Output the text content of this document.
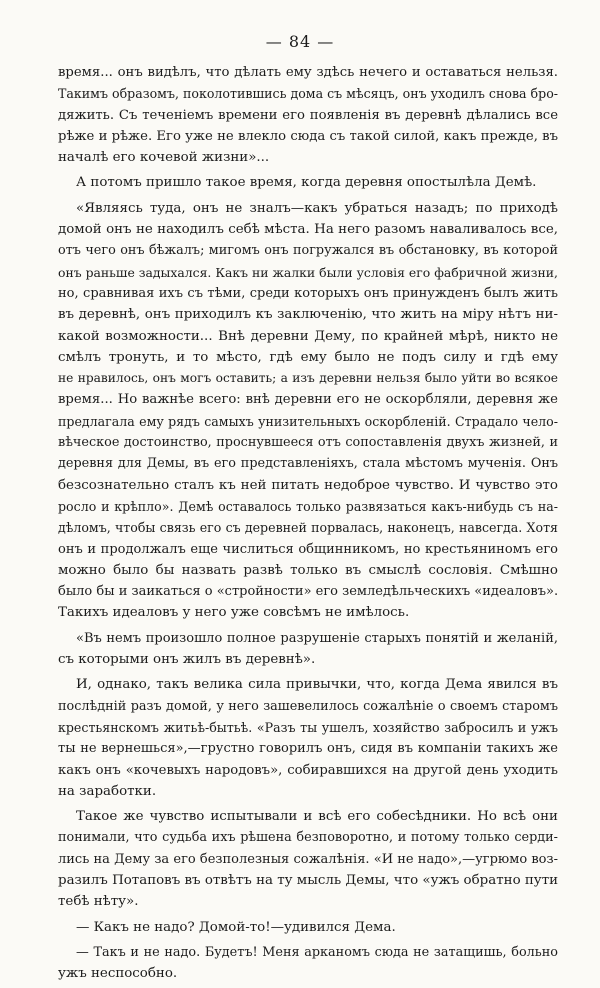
— 84 —
время... онъ видѣлъ, что дѣлать ему здѣсь нечего и оставаться нельзя.
Такимъ образомъ, поколотившись дома съ мѣсяцъ, онъ уходилъ снова бро-
дяжить. Съ теченіемъ времени его появленія въ деревнѣ дѣлались все
рѣже и рѣже. Его уже не влекло сюда съ такой силой, какъ прежде, въ
началѣ его кочевой жизни»...
А потомъ пришло такое время, когда деревня опостылѣла Демѣ.
«Являясь туда, онъ не зналъ—какъ убраться назадъ; по приходѣ
домой онъ не находилъ себѣ мѣста. На него разомъ наваливалось все,
отъ чего онъ бѣжалъ; мигомъ онъ погружался въ обстановку, въ которой
онъ раньше задыхался. Какъ ни жалки были условія его фабричной жизни,
но, сравнивая ихъ съ тѣми, среди которыхъ онъ принужденъ былъ жить
въ деревнѣ, онъ приходилъ къ заключенію, что жить на міру нѣтъ ни-
какой возможности... Внѣ деревни Дему, по крайней мѣрѣ, никто не
смѣлъ тронуть, и то мѣсто, гдѣ ему было не подъ силу и гдѣ ему
не нравилось, онъ могъ оставить; а изъ деревни нельзя было уйти во всякое
время... Но важнѣе всего: внѣ деревни его не оскорбляли, деревня же
предлагала ему рядъ самыхъ унизительныхъ оскорбленій. Страдало чело-
вѣческое достоинство, проснувшееся отъ сопоставленія двухъ жизней, и
деревня для Демы, въ его представленіяхъ, стала мѣстомъ мученія. Онъ
безсознательно сталъ къ ней питать недоброе чувство. И чувство это
росло и крѣпло». Демѣ оставалось только развязаться какъ-нибудь съ на-
дѣломъ, чтобы связь его съ деревней порвалась, наконецъ, навсегда. Хотя
онъ и продолжалъ еще числиться общинникомъ, но крестьяниномъ его
можно было бы назвать развѣ только въ смыслѣ сословія. Смѣшно
было бы и заикаться о «стройности» его земледѣльческихъ «идеаловъ».
Такихъ идеаловъ у него уже совсѣмъ не имѣлось.
«Въ немъ произошло полное разрушеніе старыхъ понятій и желаній,
съ которыми онъ жилъ въ деревнѣ».
И, однако, такъ велика сила привычки, что, когда Дема явился въ
послѣдній разъ домой, у него зашевелилось сожалѣніе о своемъ старомъ
крестьянскомъ житьѣ-бытьѣ. «Разъ ты ушелъ, хозяйство забросилъ и ужъ
ты не вернешься»,—грустно говорилъ онъ, сидя въ компаніи такихъ же
какъ онъ «кочевыхъ народовъ», собиравшихся на другой день уходить
на заработки.
Такое же чувство испытывали и всѣ его собесѣдники. Но всѣ они
понимали, что судьба ихъ рѣшена безповоротно, и потому только серди-
лись на Дему за его безполезныя сожалѣнія. «И не надо»,—угрюмо воз-
разилъ Потаповъ въ отвѣтъ на ту мысль Демы, что «ужъ обратно пути
тебѣ нѣту».
— Какъ не надо? Домой-то!—удивился Дема.
— Такъ и не надо. Будетъ! Меня арканомъ сюда не затащишь, больно
ужъ неспособно.
